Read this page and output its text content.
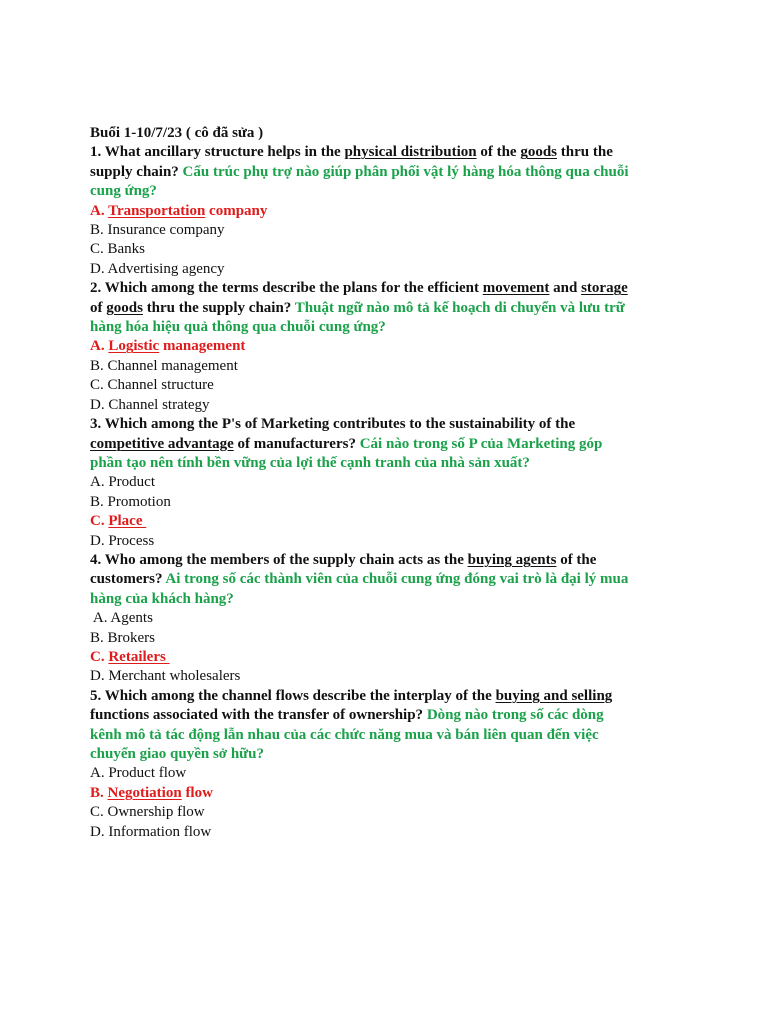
Buổi 1-10/7/23 ( cô đã sửa )
1. What ancillary structure helps in the physical distribution of the goods thru the
supply chain? Cấu trúc phụ trợ nào giúp phân phối vật lý hàng hóa thông qua chuỗi
cung ứng?
A. Transportation company
B. Insurance company
C. Banks
D. Advertising agency
2. Which among the terms describe the plans for the efficient movement and storage
of goods thru the supply chain? Thuật ngữ nào mô tả kế hoạch di chuyển và lưu trữ
hàng hóa hiệu quả thông qua chuỗi cung ứng?
A. Logistic management
B. Channel management
C. Channel structure
D. Channel strategy
3. Which among the P's of Marketing contributes to the sustainability of the
competitive advantage of manufacturers? Cái nào trong số P của Marketing góp
phần tạo nên tính bền vững của lợi thế cạnh tranh của nhà sản xuất?
A. Product
B. Promotion
C. Place
D. Process
4. Who among the members of the supply chain acts as the buying agents of the
customers? Ai trong số các thành viên của chuỗi cung ứng đóng vai trò là đại lý mua
hàng của khách hàng?
A. Agents
B. Brokers
C. Retailers
D. Merchant wholesalers
5. Which among the channel flows describe the interplay of the buying and selling
functions associated with the transfer of ownership? Dòng nào trong số các dòng
kênh mô tả tác động lẫn nhau của các chức năng mua và bán liên quan đến việc
chuyển giao quyền sở hữu?
A. Product flow
B. Negotiation flow
C. Ownership flow
D. Information flow
